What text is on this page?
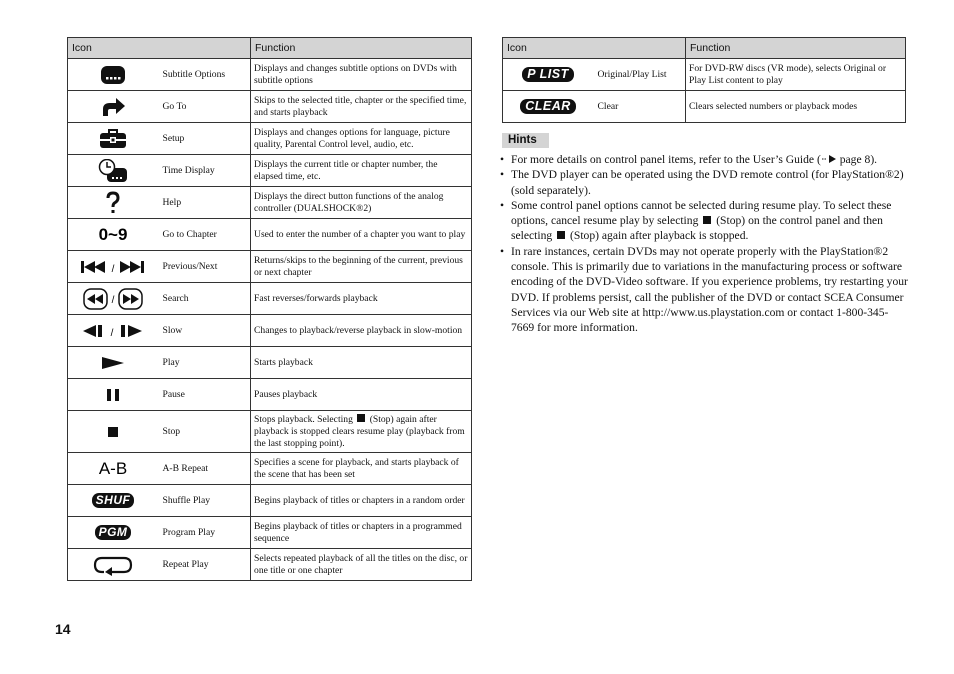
Icon		Function

	Subtitle Options	Displays and changes subtitle options on DVDs with subtitle options

	Go To	Skips to the selected title, chapter or the specified time, and starts playback

	Setup	Displays and changes options for language, picture quality, Parental Control level, audio, etc.

	Time Display	Displays the current title or chapter number, the elapsed time, etc.

	Help	Displays the direct button functions of the analog controller (DUALSHOCK®2)

0~9	Go to Chapter	Used to enter the number of a chapter you want to play

/	Previous/Next	Returns/skips to the beginning of the current, previous or next chapter

/	Search	Fast reverses/forwards playback

/	Slow	Changes to playback/reverse playback in slow-motion

	Play	Starts playback

	Pause	Pauses playback

	Stop	Stops playback. Selecting (Stop) again after playback is stopped clears resume play (playback from the last stopping point).

A-B	A-B Repeat	Specifies a scene for playback, and starts playback of the scene that has been set

SHUF	Shuffle Play	Begins playback of titles or chapters in a random order

PGM	Program Play	Begins playback of titles or chapters in a programmed sequence

	Repeat Play	Selects repeated playback of all the titles on the disc, or one title or one chapter
Icon		Function

P LIST	Original/Play List	For DVD-RW discs (VR mode), selects Original or Play List content to play

CLEAR	Clear	Clears selected numbers or playback modes
Hints
• For more details on control panel items, refer to the User’s Guide ( page 8).
• The DVD player can be operated using the DVD remote control (for PlayStation®2) (sold separately).
• Some control panel options cannot be selected during resume play. To select these options, cancel resume play by selecting (Stop) on the control panel and then selecting (Stop) again after playback is stopped.
• In rare instances, certain DVDs may not operate properly with the PlayStation®2 console. This is primarily due to variations in the manufacturing process or software encoding of the DVD-Video software. If you experience problems, try restarting your DVD. If problems persist, call the publisher of the DVD or contact SCEA Consumer Services via our Web site at http://www.us.playstation.com or contact 1-800-345-7669 for more information.
14
